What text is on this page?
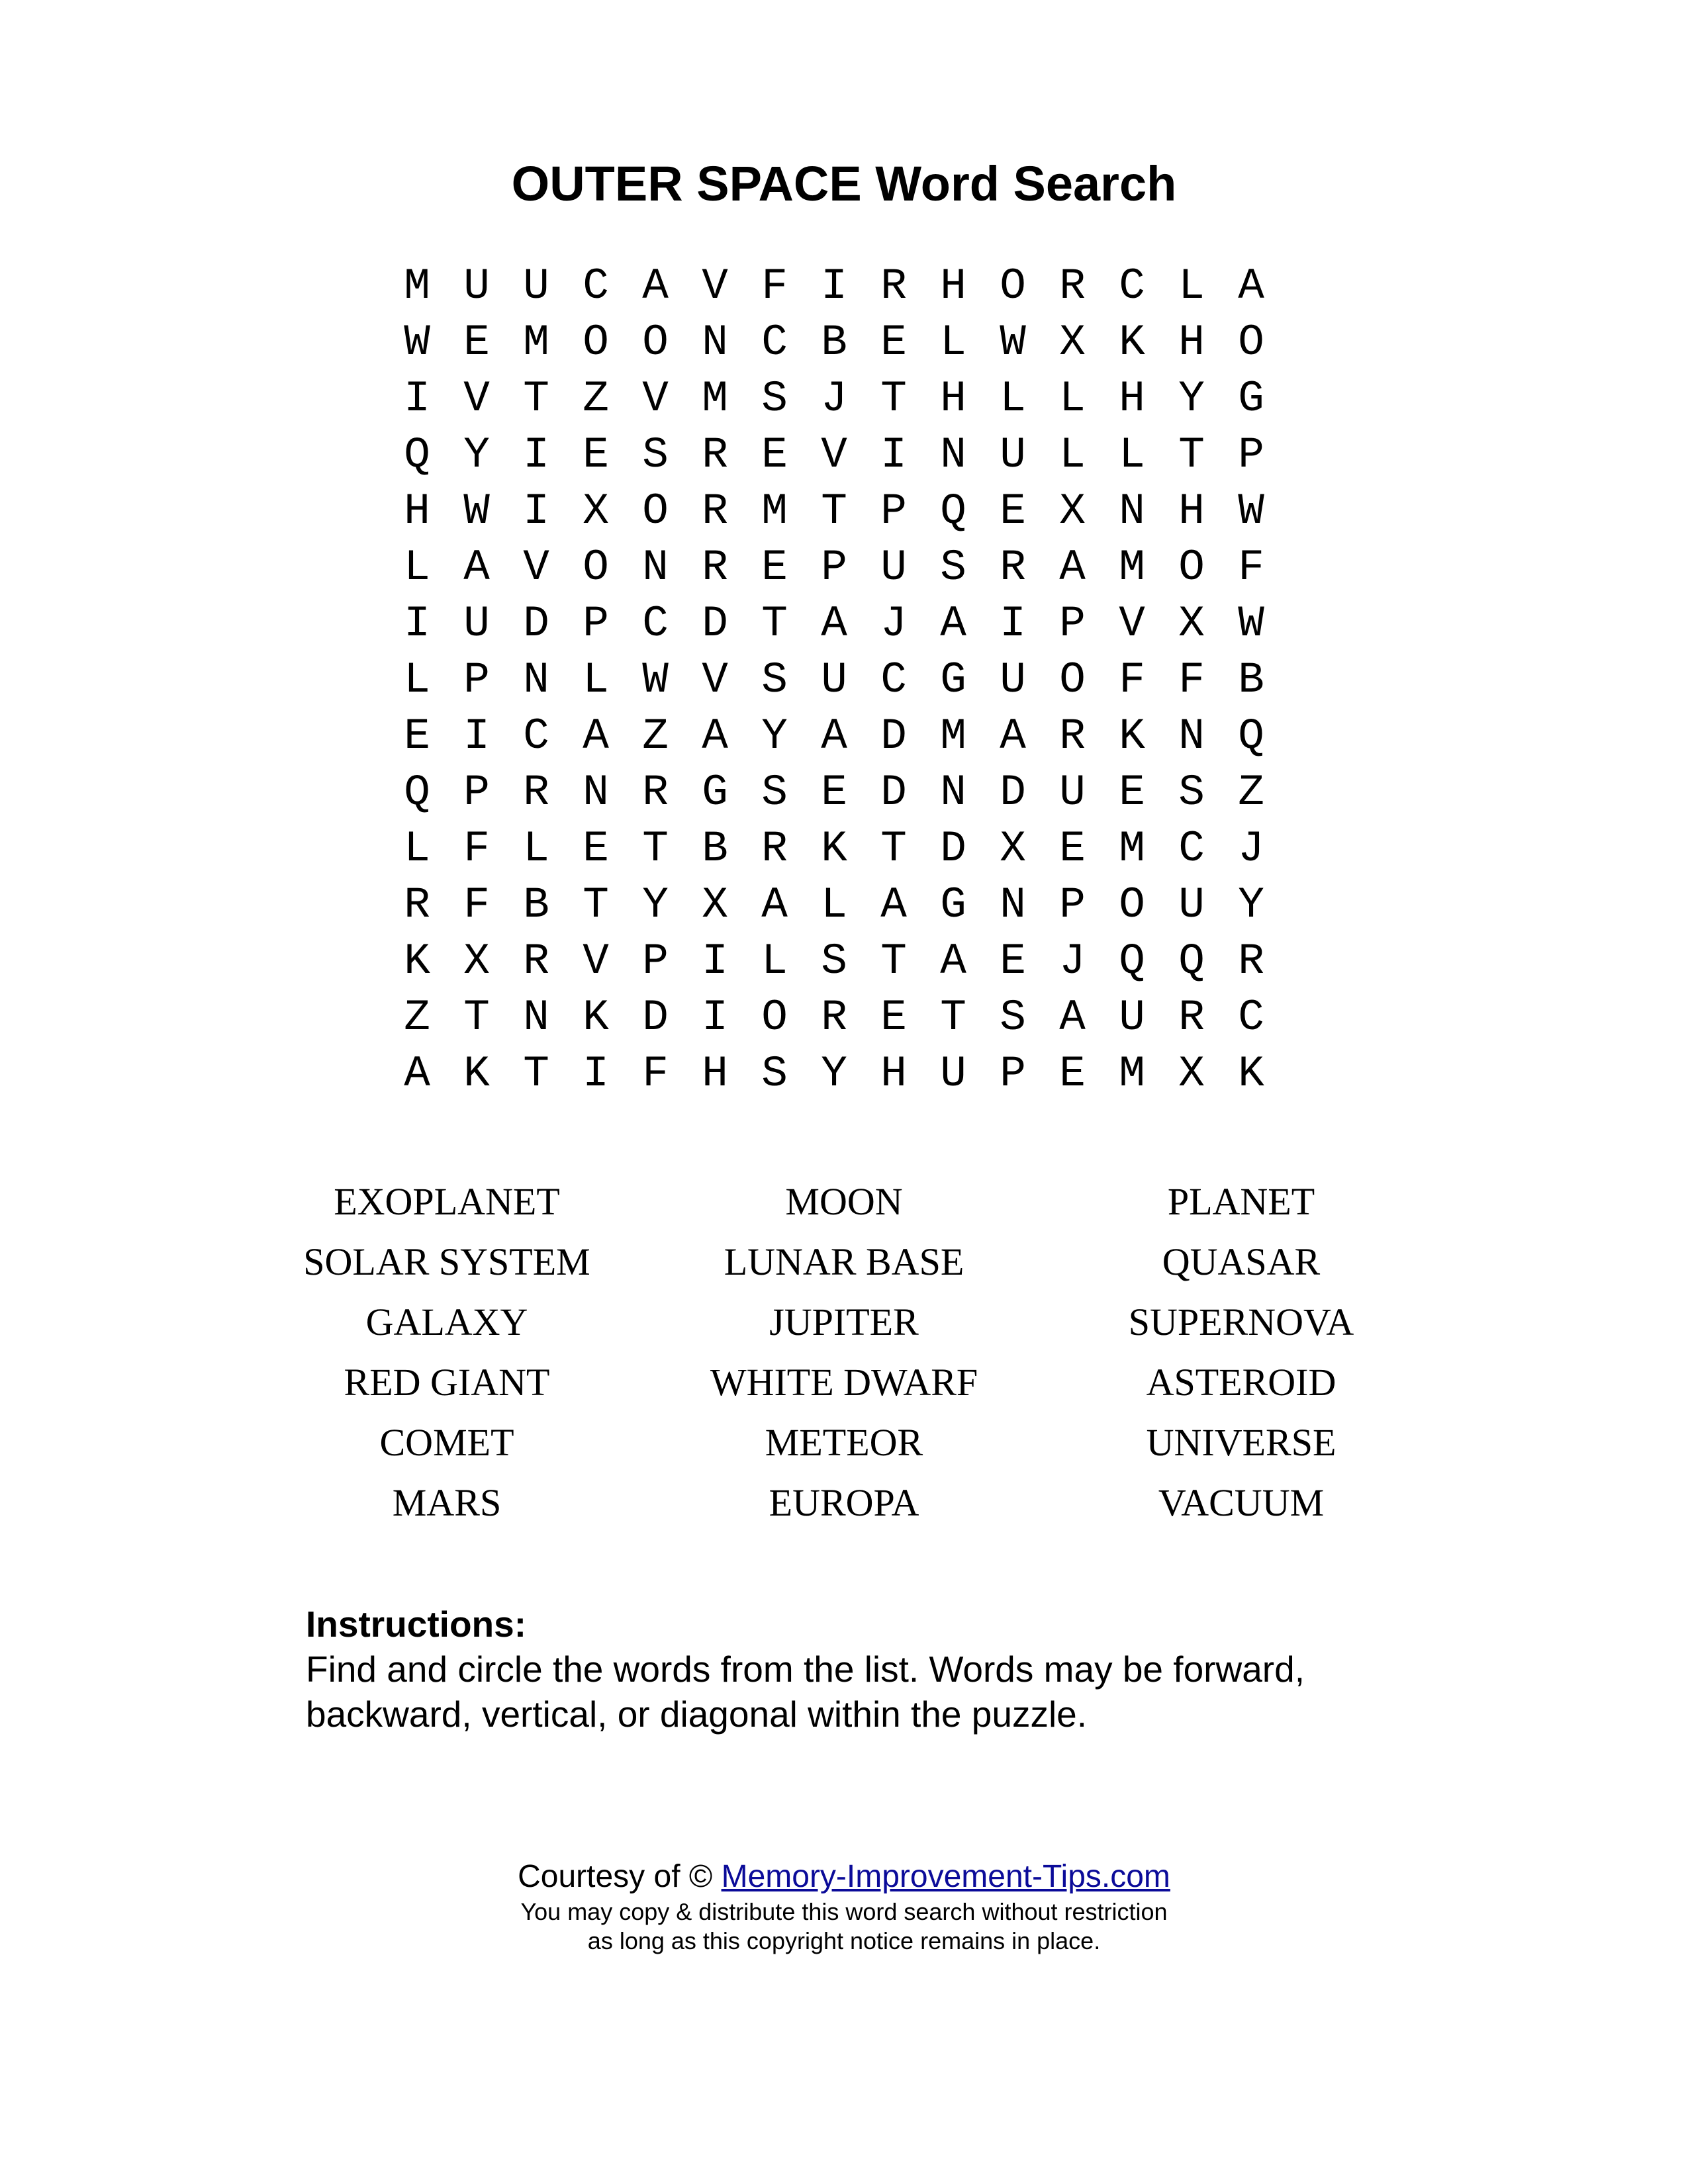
OUTER SPACE Word Search
M U U C A V F I R H O R C L A
W E M O O N C B E L W X K H O
I V T Z V M S J T H L L H Y G
Q Y I E S R E V I N U L L T P
H W I X O R M T P Q E X N H W
L A V O N R E P U S R A M O F
I U D P C D T A J A I P V X W
L P N L W V S U C G U O F F B
E I C A Z A Y A D M A R K N Q
Q P R N R G S E D N D U E S Z
L F L E T B R K T D X E M C J
R F B T Y X A L A G N P O U Y
K X R V P I L S T A E J Q Q R
Z T N K D I O R E T S A U R C
A K T I F H S Y H U P E M X K
EXOPLANET	MOON	PLANET
SOLAR SYSTEM	LUNAR BASE	QUASAR
GALAXY	JUPITER	SUPERNOVA
RED GIANT	WHITE DWARF	ASTEROID
COMET	METEOR	UNIVERSE
MARS	EUROPA	VACUUM
Instructions:
Find and circle the words from the list. Words may be forward,
backward, vertical, or diagonal within the puzzle.
Courtesy of © Memory-Improvement-Tips.com
You may copy & distribute this word search without restriction
as long as this copyright notice remains in place.
